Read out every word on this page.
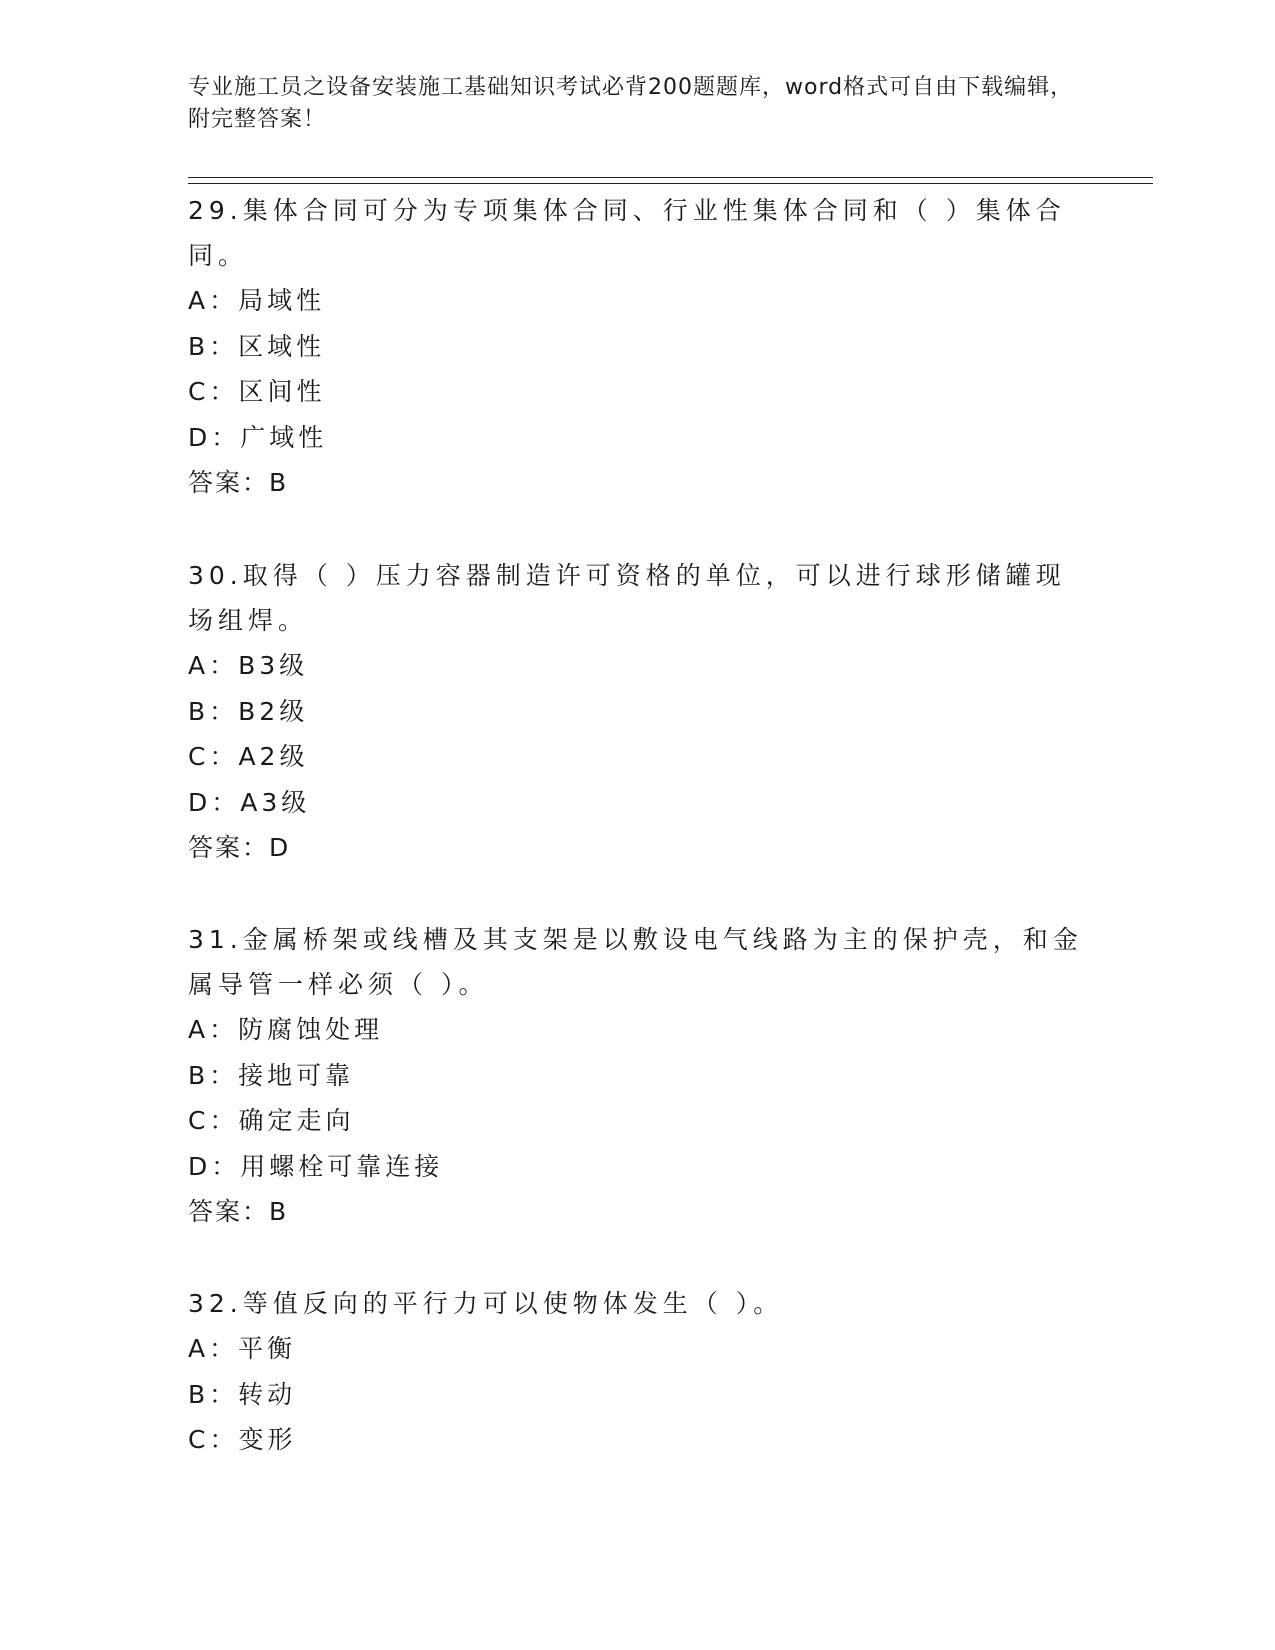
专业施工员之设备安装施工基础知识考试必背200题题库，word格式可自由下载编辑，附完整答案！

29.集体合同可分为专项集体合同、行业性集体合同和（ ）集体合同。

A：局域性

B：区域性

C：区间性

D：广域性

答案：B

30.取得（ ）压力容器制造许可资格的单位，可以进行球形储罐现场组焊。

A：B3级

B：B2级

C：A2级

D：A3级

答案：D

31.金属桥架或线槽及其支架是以敷设电气线路为主的保护壳，和金属导管一样必须（ ）。

A：防腐蚀处理

B：接地可靠

C：确定走向

D：用螺栓可靠连接

答案：B

32.等值反向的平行力可以使物体发生（ ）。

A：平衡

B：转动

C：变形
